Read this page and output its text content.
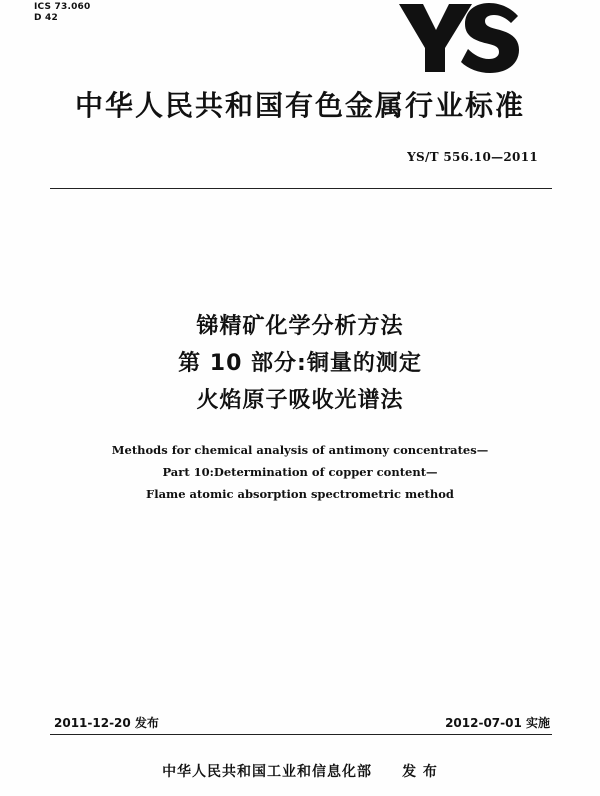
ICS 73.060
D 42
中华人民共和国有色金属行业标准
YS/T 556.10—2011
锑精矿化学分析方法
第 10 部分:铜量的测定
火焰原子吸收光谱法
Methods for chemical analysis of antimony concentrates—
Part 10:Determination of copper content—
Flame atomic absorption spectrometric method
2011-12-20 发布	2012-07-01 实施
中华人民共和国工业和信息化部 发 布
